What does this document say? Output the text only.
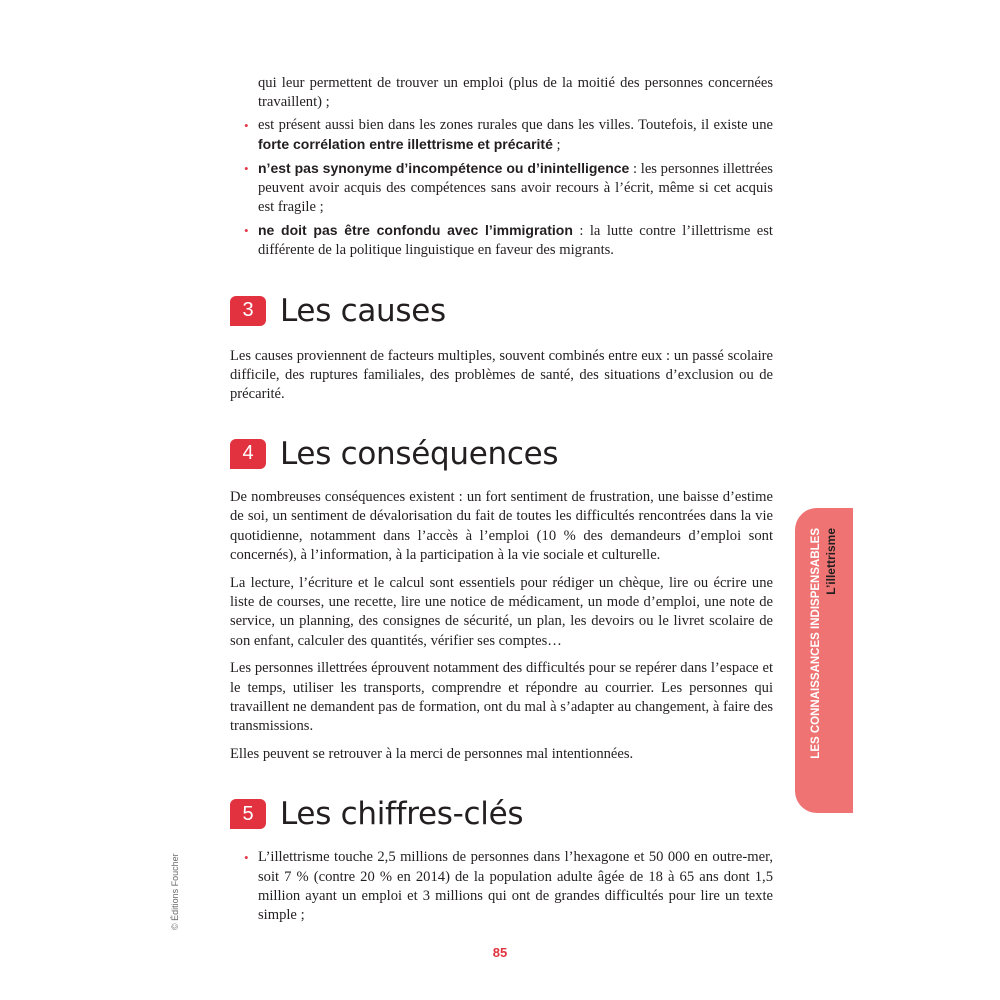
qui leur permettent de trouver un emploi (plus de la moitié des personnes concernées travaillent) ;

• est présent aussi bien dans les zones rurales que dans les villes. Toutefois, il existe une forte corrélation entre illettrisme et précarité ;
• n’est pas synonyme d’incompétence ou d’inintelligence : les personnes illettrées peuvent avoir acquis des compétences sans avoir recours à l’écrit, même si cet acquis est fragile ;
• ne doit pas être confondu avec l’immigration : la lutte contre l’illettrisme est différente de la politique linguistique en faveur des migrants.
3 Les causes

Les causes proviennent de facteurs multiples, souvent combinés entre eux : un passé scolaire difficile, des ruptures familiales, des problèmes de santé, des situations d’exclusion ou de précarité.

4 Les conséquences

De nombreuses conséquences existent : un fort sentiment de frustration, une baisse d’estime de soi, un sentiment de dévalorisation du fait de toutes les difficultés rencontrées dans la vie quotidienne, notamment dans l’accès à l’emploi (10 % des demandeurs d’emploi sont concernés), à l’information, à la participation à la vie sociale et culturelle.

La lecture, l’écriture et le calcul sont essentiels pour rédiger un chèque, lire ou écrire une liste de courses, une recette, lire une notice de médicament, un mode d’emploi, une note de service, un planning, des consignes de sécurité, un plan, les devoirs ou le livret scolaire de son enfant, calculer des quantités, vérifier ses comptes…

Les personnes illettrées éprouvent notamment des difficultés pour se repérer dans l’espace et le temps, utiliser les transports, comprendre et répondre au courrier. Les personnes qui travaillent ne demandent pas de formation, ont du mal à s’adapter au changement, à faire des transmissions.

Elles peuvent se retrouver à la merci de personnes mal intentionnées.

5 Les chiffres-clés
• L’illettrisme touche 2,5 millions de personnes dans l’hexagone et 50 000 en outre-mer, soit 7 % (contre 20 % en 2014) de la population adulte âgée de 18 à 65 ans dont 1,5 million ayant un emploi et 3 millions qui ont de grandes difficultés pour lire un texte simple ;
LES CONNAISSANCES INDISPENSABLES L’illettrisme
© Éditions Foucher
85
